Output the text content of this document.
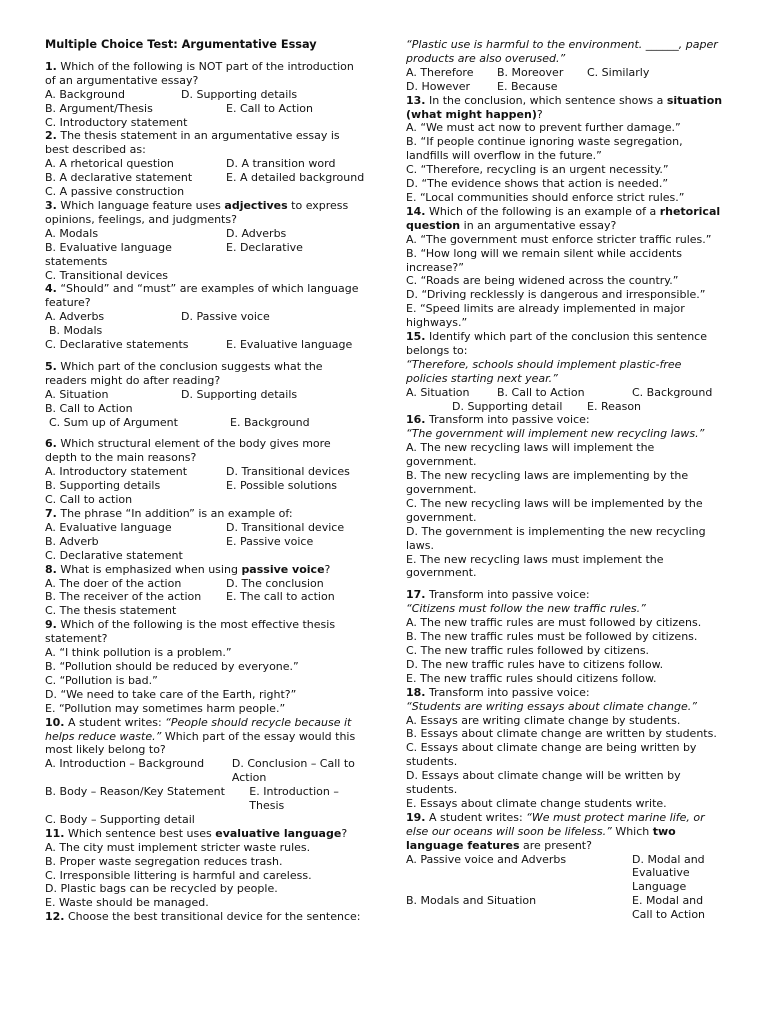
Multiple Choice Test: Argumentative Essay
1. Which of the following is NOT part of the introduction of an argumentative essay?
A. Background	D. Supporting details
B. Argument/Thesis	E. Call to Action
C. Introductory statement
2. The thesis statement in an argumentative essay is best described as:
A. A rhetorical question	D. A transition word
B. A declarative statement	E. A detailed background
C. A passive construction
3. Which language feature uses adjectives to express opinions, feelings, and judgments?
A. Modals	D. Adverbs
B. Evaluative language	E. Declarative statements
C. Transitional devices
4. “Should” and “must” are examples of which language feature?
A. Adverbs	D. Passive voice
B. Modals
C. Declarative statements	E. Evaluative language
5. Which part of the conclusion suggests what the readers might do after reading?
A. Situation	D. Supporting details
B. Call to Action
C. Sum up of Argument	E. Background
6. Which structural element of the body gives more depth to the main reasons?
A. Introductory statement	D. Transitional devices
B. Supporting details	E. Possible solutions
C. Call to action
7. The phrase “In addition” is an example of:
A. Evaluative language	D. Transitional device
B. Adverb	E. Passive voice
C. Declarative statement
8. What is emphasized when using passive voice?
A. The doer of the action	D. The conclusion
B. The receiver of the action	E. The call to action
C. The thesis statement
9. Which of the following is the most effective thesis statement?
A. “I think pollution is a problem.”
B. “Pollution should be reduced by everyone.”
C. “Pollution is bad.”
D. “We need to take care of the Earth, right?”
E. “Pollution may sometimes harm people.”
10. A student writes: “People should recycle because it helps reduce waste.” Which part of the essay would this most likely belong to?
A. Introduction – Background	D. Conclusion – Call to Action
B. Body – Reason/Key Statement	E. Introduction – Thesis
C. Body – Supporting detail
11. Which sentence best uses evaluative language?
A. The city must implement stricter waste rules.
B. Proper waste segregation reduces trash.
C. Irresponsible littering is harmful and careless.
D. Plastic bags can be recycled by people.
E. Waste should be managed.
12. Choose the best transitional device for the sentence:
“Plastic use is harmful to the environment. ______, paper products are also overused.”
A. Therefore	B. Moreover	C. Similarly
D. However	E. Because
13. In the conclusion, which sentence shows a situation (what might happen)?
A. “We must act now to prevent further damage.”
B. “If people continue ignoring waste segregation, landfills will overflow in the future.”
C. “Therefore, recycling is an urgent necessity.”
D. “The evidence shows that action is needed.”
E. “Local communities should enforce strict rules.”
14. Which of the following is an example of a rhetorical question in an argumentative essay?
A. “The government must enforce stricter traffic rules.”
B. “How long will we remain silent while accidents increase?”
C. “Roads are being widened across the country.”
D. “Driving recklessly is dangerous and irresponsible.”
E. “Speed limits are already implemented in major highways.”
15. Identify which part of the conclusion this sentence belongs to:
“Therefore, schools should implement plastic-free policies starting next year.”
A. Situation	B. Call to Action	C. Background
D. Supporting detail	E. Reason
16. Transform into passive voice:
“The government will implement new recycling laws.”
A. The new recycling laws will implement the government.
B. The new recycling laws are implementing by the government.
C. The new recycling laws will be implemented by the government.
D. The government is implementing the new recycling laws.
E. The new recycling laws must implement the government.
17. Transform into passive voice:
“Citizens must follow the new traffic rules.”
A. The new traffic rules are must followed by citizens.
B. The new traffic rules must be followed by citizens.
C. The new traffic rules followed by citizens.
D. The new traffic rules have to citizens follow.
E. The new traffic rules should citizens follow.
18. Transform into passive voice:
“Students are writing essays about climate change.”
A. Essays are writing climate change by students.
B. Essays about climate change are written by students.
C. Essays about climate change are being written by students.
D. Essays about climate change will be written by students.
E. Essays about climate change students write.
19. A student writes: “We must protect marine life, or else our oceans will soon be lifeless.” Which two language features are present?
A. Passive voice and Adverbs	D. Modal and Evaluative Language
B. Modals and Situation	E. Modal and Call to Action
